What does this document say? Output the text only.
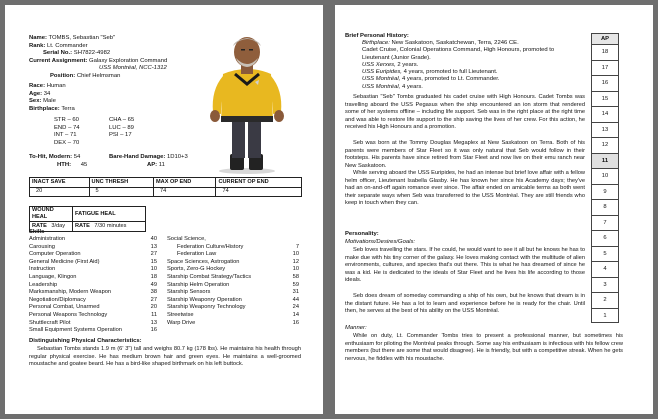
Name: TOMBS, Sebastian "Seb"
Rank: Lt. Commander
Serial No.: SH7822-4982
Current Assignment: Galaxy Exploration Command
USS Montréal, NCC-1312
Position: Chief Helmsman
Race: Human
Age: 34
Sex: Male
Birthplace: Terra
STR – 60	CHA – 65
END – 74	LUC – 89
INT – 71	PSI – 17
DEX – 70
To-Hit, Modern: 54
HTH: 45
Bare-Hand Damage: 1D10+3
AP: 11
INACT SAVE	UNC THRESH	MAX OP END	CURRENT OP END
20	5	74	74
WOUND HEAL	FATIGUE HEAL
RATE 3/day	RATE 7/30 minutes
Skills
Administration	40
Carousing	13
Computer Operation	27
General Medicine (First Aid)	15
Instruction	10
Language, Klingon	18
Leadership	49
Marksmanship, Modern Weapon	38
Negotiation/Diplomacy	27
Personal Combat, Unarmed	20
Personal Weapons Technology	11
Shuttlecraft Pilot	13
Small Equipment Systems Operation	16
Social Science,
Federation Culture/History	7
Federation Law	10
Space Sciences, Astrogation	12
Sports, Zero-G Hockey	10
Starship Combat Strategy/Tactics	58
Starship Helm Operation	59
Starship Sensors	31
Starship Weaponry Operation	44
Starship Weaponry Technology	24
Streetwise	14
Warp Drive	16
Distinguishing Physical Characteristics:
Sebastian Tombs stands 1.9 m (6' 3") tall and weighs 80.7 kg (178 lbs). He maintains his health through regular physical exercise. He has medium brown hair and green eyes. He maintains a well-groomed moustache and goatee beard. He has a bird-like shaped birthmark on his left buttock.
Brief Personal History:
Birthplace: New Saskatoon, Saskatchewan, Terra, 2246 CE.
Cadet Cruise, Colonial Operations Command, High Honours, promoted to
Lieutenant (Junior Grade).
USS Xerxes, 2 years.
USS Euripides, 4 years, promoted to full Lieutenant.
USS Montréal, 4 years, promoted to Lt. Commander.
USS Montréal, 4 years.
Sebastian "Seb" Tombs graduated his cadet cruise with High Honours. Cadet Tombs was travelling aboard the USS Pegasus when the ship encountered an ion storm that rendered some of her systems offline – including life support. Seb was in the right place at the right time and was able to restore life support to the ship saving the lives of her crew. For this action, he received his High Honours and a promotion.
Seb was born at the Tommy Douglas Megaplex at New Saskatoon on Terra. Both of his parents were members of Star Fleet so it was only natural that Seb would follow in their footsteps. His parents have since retired from Star Fleet and now live on their emu ranch near New Saskatoon.
While serving aboard the USS Euripides, he had an intense but brief love affair with a fellow helm officer, Lieutenant Isabella Glasby. He has known her since his Academy days; they've had an on-and-off again romance ever since. The affair ended on amicable terms as both went their separate ways when Seb was transferred to the USS Montréal. They are still friends who keep in touch when they can.
Personality:
Motivations/Desires/Goals:
Seb loves travelling the stars. If he could, he would want to see it all but he knows he has to make due with his tiny corner of the galaxy. He loves making contact with the multitude of alien environments, cultures, and species that's out there. This is what he has dreamed of since he was a kid. He is dedicated to the ideals of Star Fleet and he lives his life according to those ideals.
Seb does dream of someday commanding a ship of his own, but he knows that dream is in the distant future. He has a lot to learn and experience before he is ready for the chair. Until then, he serves at the best of his ability on the USS Montréal.
Manner:
While on duty, Lt. Commander Tombs tries to present a professional manner, but sometimes his enthusiasm for piloting the Montréal peaks through. Some say his enthusiasm is infectious with his fellow crew members (but there are some that would disagree). He is friendly, but with a competitive streak. When he gets nervous, he fiddles with his moustache.
AP
18
17
16
15
14
13
12
11
10
9
8
7
6
5
4
3
2
1
